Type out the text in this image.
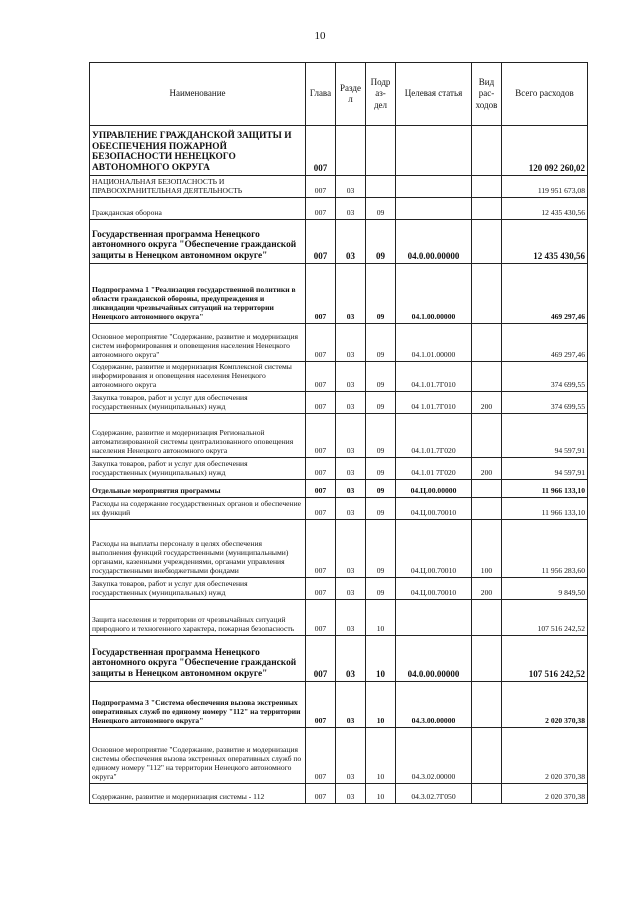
10
Наименование	Глава	Разде л	Подр аз- дел	Целевая статья	Вид рас- ходов	Всего расходов
УПРАВЛЕНИЕ ГРАЖДАНСКОЙ ЗАЩИТЫ И ОБЕСПЕЧЕНИЯ ПОЖАРНОЙ БЕЗОПАСНОСТИ НЕНЕЦКОГО АВТОНОМНОГО ОКРУГА	007					120 092 260,02
НАЦИОНАЛЬНАЯ БЕЗОПАСНОСТЬ И ПРАВООХРАНИТЕЛЬНАЯ ДЕЯТЕЛЬНОСТЬ	007	03				119 951 673,08
Гражданская оборона	007	03	09			12 435 430,56
Государственная программа Ненецкого автономного округа "Обеспечение гражданской защиты в Ненецком автономном округе"	007	03	09	04.0.00.00000		12 435 430,56
Подпрограмма 1 "Реализация государственной политики в области гражданской обороны, предупреждения и ликвидации чрезвычайных ситуаций на территории Ненецкого автономного округа"	007	03	09	04.1.00.00000		469 297,46
Основное мероприятие "Содержание, развитие и модернизация систем информирования и оповещения населения Ненецкого автономного округа"	007	03	09	04.1.01.00000		469 297,46
Содержание, развитие и модернизация Комплексной системы информирования и оповещения населения Ненецкого автономного округа	007	03	09	04.1.01.7Г010		374 699,55
Закупка товаров, работ и услуг для обеспечения государственных (муниципальных) нужд	007	03	09	04 1.01.7Г010	200	374 699,55
Содержание, развитие и модернизация Региональной автоматизированной системы централизованного оповещения населения Ненецкого автономного округа	007	03	09	04.1.01.7Г020		94 597,91
Закупка товаров, работ и услуг для обеспечения государственных (муниципальных) нужд	007	03	09	04.1.01 7Г020	200	94 597,91
Отдельные мероприятия программы	007	03	09	04.Ц.00.00000		11 966 133,10
Расходы на содержание государственных органов и обеспечение их функций	007	03	09	04.Ц.00.70010		11 966 133,10
Расходы на выплаты персоналу в целях обеспечения выполнения функций государственными (муниципальными) органами, казенными учреждениями, органами управления государственными внебюджетными фондами	007	03	09	04.Ц.00.70010	100	11 956 283,60
Закупка товаров, работ и услуг для обеспечения государственных (муниципальных) нужд	007	03	09	04.Ц.00.70010	200	9 849,50
Защита населения и территории от чрезвычайных ситуаций природного и техногенного характера, пожарная безопасность	007	03	10			107 516 242,52
Государственная программа Ненецкого автономного округа "Обеспечение гражданской защиты в Ненецком автономном округе"	007	03	10	04.0.00.00000		107 516 242,52
Подпрограмма 3 "Система обеспечения вызова экстренных оперативных служб по единому номеру "112" на территории Ненецкого автономного округа"	007	03	10	04.3.00.00000		2 020 370,38
Основное мероприятие "Содержание, развитие и модернизация системы обеспечения вызова экстренных оперативных служб по единому номеру "112" на территории Ненецкого автономного округа"	007	03	10	04.3.02.00000		2 020 370,38
Содержание, развитие и модернизация системы - 112	007	03	10	04.3.02.7Г050		2 020 370,38
